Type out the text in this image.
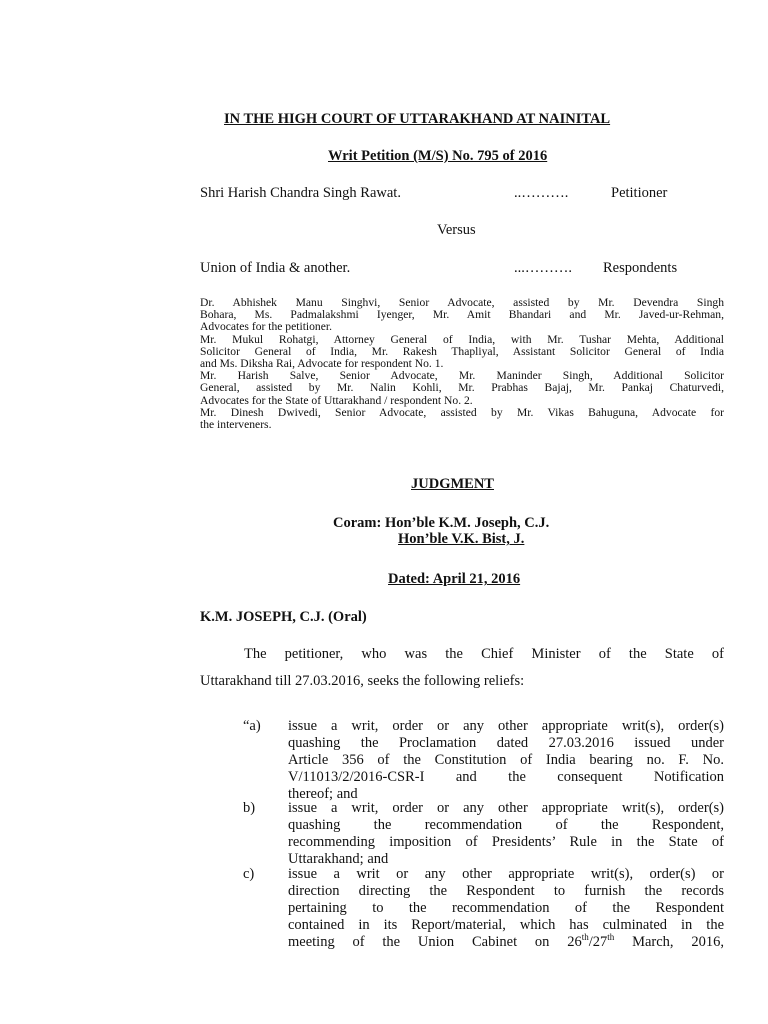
IN THE HIGH COURT OF UTTARAKHAND AT NAINITAL
Writ Petition (M/S) No. 795 of 2016
Shri Harish Chandra Singh Rawat.	..……….	Petitioner
Versus
Union of India & another.	...………. Respondents

Dr. Abhishek Manu Singhvi, Senior Advocate, assisted by Mr. Devendra Singh
Bohara, Ms. Padmalakshmi Iyenger, Mr. Amit Bhandari and Mr. Javed-ur-Rehman,
Advocates for the petitioner.

Mr. Mukul Rohatgi, Attorney General of India, with Mr. Tushar Mehta, Additional
Solicitor General of India, Mr. Rakesh Thapliyal, Assistant Solicitor General of India
and Ms. Diksha Rai, Advocate for respondent No. 1.

Mr. Harish Salve, Senior Advocate, Mr. Maninder Singh, Additional Solicitor
General, assisted by Mr. Nalin Kohli, Mr. Prabhas Bajaj, Mr. Pankaj Chaturvedi,
Advocates for the State of Uttarakhand / respondent No. 2.

Mr. Dinesh Dwivedi, Senior Advocate, assisted by Mr. Vikas Bahuguna, Advocate for
the interveners.

JUDGMENT
Coram: Hon’ble K.M. Joseph, C.J.
Hon’ble V.K. Bist, J.
Dated: April 21, 2016
K.M. JOSEPH, C.J. (Oral)
The petitioner, who was the Chief Minister of the State of
Uttarakhand till 27.03.2016, seeks the following reliefs:
“a) issue a writ, order or any other appropriate writ(s), order(s)
quashing the Proclamation dated 27.03.2016 issued under
Article 356 of the Constitution of India bearing no. F. No.
V/11013/2/2016-CSR-I and the consequent Notification
thereof; and
b) issue a writ, order or any other appropriate writ(s), order(s)
quashing the recommendation of the Respondent,
recommending imposition of Presidents’ Rule in the State of
Uttarakhand; and
c) issue a writ or any other appropriate writ(s), order(s) or
direction directing the Respondent to furnish the records
pertaining to the recommendation of the Respondent
contained in its Report/material, which has culminated in the
meeting of the Union Cabinet on 26th/27th March, 2016,
